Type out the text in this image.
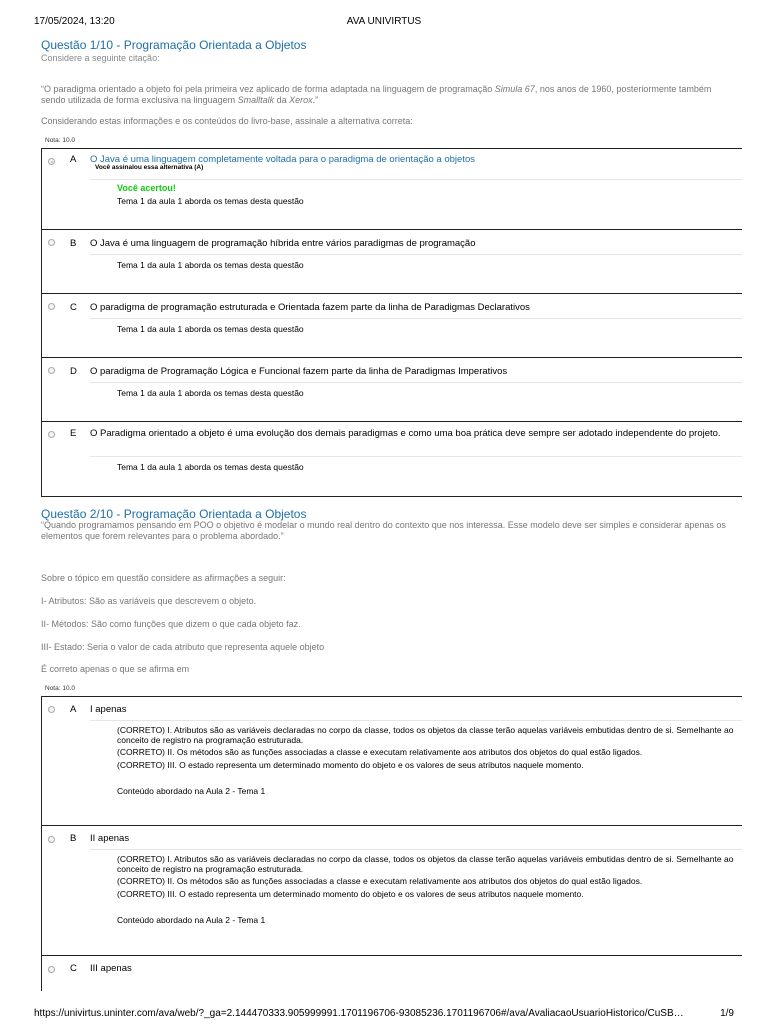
17/05/2024, 13:20	AVA UNIVIRTUS
Questão 1/10 - Programação Orientada a Objetos
Considere a seguinte citação:
“O paradigma orientado a objeto foi pela primeira vez aplicado de forma adaptada na linguagem de programação Simula 67, nos anos de 1960, posteriormente também sendo utilizada de forma exclusiva na linguagem Smalltalk da Xerox.”
Considerando estas informações e os conteúdos do livro-base, assinale a alternativa correta:
Nota: 10.0
A O Java é uma linguagem completamente voltada para o paradigma de orientação a objetos
Você assinalou essa alternativa (A)
Você acertou!
Tema 1 da aula 1 aborda os temas desta questão
B O Java é uma linguagem de programação híbrida entre vários paradigmas de programação
Tema 1 da aula 1 aborda os temas desta questão
C O paradigma de programação estruturada e Orientada fazem parte da linha de Paradigmas Declarativos
Tema 1 da aula 1 aborda os temas desta questão
D O paradigma de Programação Lógica e Funcional fazem parte da linha de Paradigmas Imperativos
Tema 1 da aula 1 aborda os temas desta questão
E O Paradigma orientado a objeto é uma evolução dos demais paradigmas e como uma boa prática deve sempre ser adotado independente do projeto.
Tema 1 da aula 1 aborda os temas desta questão
Questão 2/10 - Programação Orientada a Objetos
“Quando programamos pensando em POO o objetivo é modelar o mundo real dentro do contexto que nos interessa. Esse modelo deve ser simples e considerar apenas os elementos que forem relevantes para o problema abordado.”
Sobre o tópico em questão considere as afirmações a seguir:
I- Atributos: São as variáveis que descrevem o objeto.
II- Métodos: São como funções que dizem o que cada objeto faz.
III- Estado: Seria o valor de cada atributo que representa aquele objeto
É correto apenas o que se afirma em
Nota: 10.0
A I apenas
(CORRETO) I. Atributos são as variáveis declaradas no corpo da classe, todos os objetos da classe terão aquelas variáveis embutidas dentro de si. Semelhante ao conceito de registro na programação estruturada.
(CORRETO) II. Os métodos são as funções associadas a classe e executam relativamente aos atributos dos objetos do qual estão ligados.
(CORRETO) III. O estado representa um determinado momento do objeto e os valores de seus atributos naquele momento.
Conteúdo abordado na Aula 2 - Tema 1
B II apenas
(CORRETO) I. Atributos são as variáveis declaradas no corpo da classe, todos os objetos da classe terão aquelas variáveis embutidas dentro de si. Semelhante ao conceito de registro na programação estruturada.
(CORRETO) II. Os métodos são as funções associadas a classe e executam relativamente aos atributos dos objetos do qual estão ligados.
(CORRETO) III. O estado representa um determinado momento do objeto e os valores de seus atributos naquele momento.
Conteúdo abordado na Aula 2 - Tema 1
C III apenas
https://univirtus.uninter.com/ava/web/?_ga=2.144470333.905999991.1701196706-93085236.1701196706#/ava/AvaliacaoUsuarioHistorico/CuSB…	1/9
